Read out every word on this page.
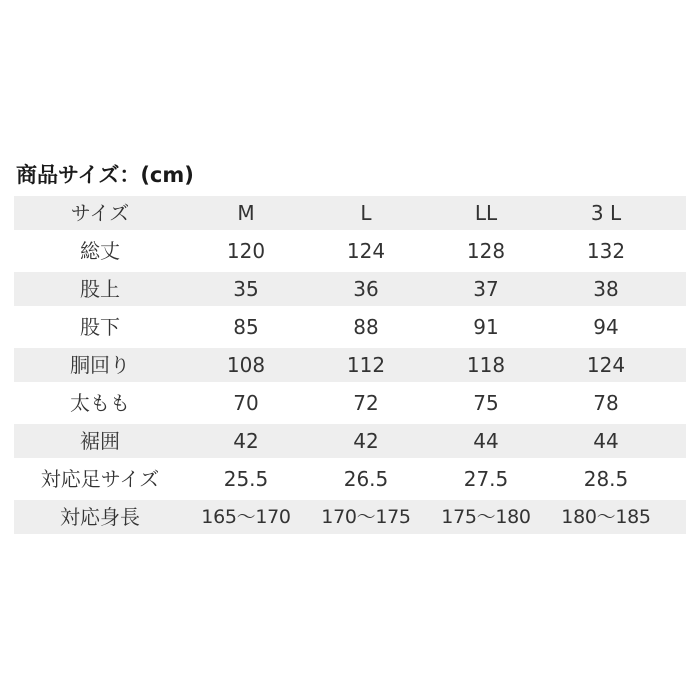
商品サイズ：(cm)
サイズ	M	L	LL	3 L
総丈	120	124	128	132
股上	35	36	37	38
股下	85	88	91	94
胴回り	108	112	118	124
太もも	70	72	75	78
裾囲	42	42	44	44
対応足サイズ	25.5	26.5	27.5	28.5
対応身長	165〜170	170〜175	175〜180	180〜185
